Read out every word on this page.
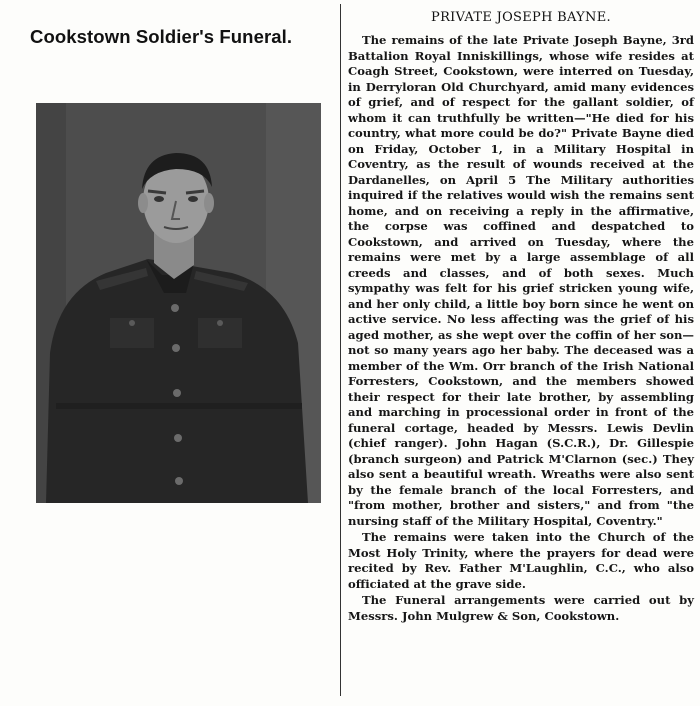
Cookstown Soldier's Funeral.
PRIVATE JOSEPH BAYNE.

The remains of the late Private Joseph Bayne, 3rd Battalion Royal Inniskillings, whose wife resides at Coagh Street, Cookstown, were interred on Tuesday, in Derryloran Old Churchyard, amid many evidences of grief, and of respect for the gallant soldier, of whom it can truthfully be written—"He died for his country, what more could be do?" Private Bayne died on Friday, October 1, in a Military Hospital in Coventry, as the result of wounds received at the Dardanelles, on April 5 The Military authorities inquired if the relatives would wish the remains sent home, and on receiving a reply in the affirmative, the corpse was coffined and despatched to Cookstown, and arrived on Tuesday, where the remains were met by a large assemblage of all creeds and classes, and of both sexes. Much sympathy was felt for his grief stricken young wife, and her only child, a little boy born since he went on active service. No less affecting was the grief of his aged mother, as she wept over the coffin of her son—not so many years ago her baby. The deceased was a member of the Wm. Orr branch of the Irish National Forresters, Cookstown, and the members showed their respect for their late brother, by assembling and marching in processional order in front of the funeral cortage, headed by Messrs. Lewis Devlin (chief ranger). John Hagan (S.C.R.), Dr. Gillespie (branch surgeon) and Patrick M'Clarnon (sec.) They also sent a beautiful wreath. Wreaths were also sent by the female branch of the local Forresters, and "from mother, brother and sisters," and from "the nursing staff of the Military Hospital, Coventry."

The remains were taken into the Church of the Most Holy Trinity, where the prayers for dead were recited by Rev. Father M'Laughlin, C.C., who also officiated at the grave side.

The Funeral arrangements were carried out by Messrs. John Mulgrew & Son, Cookstown.
